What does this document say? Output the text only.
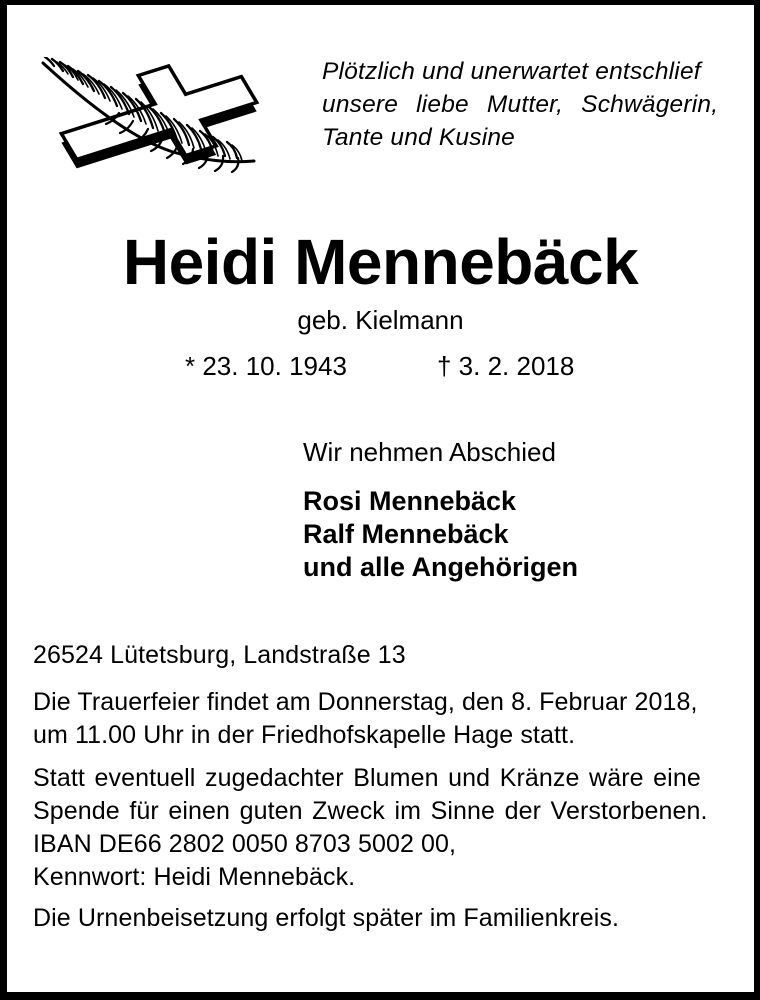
Plötzlich und unerwartet entschlief
unsere liebe Mutter, Schwägerin,
Tante und Kusine
Heidi Mennebäck
geb. Kielmann
* 23. 10. 1943	† 3. 2. 2018
Wir nehmen Abschied
Rosi Mennebäck
Ralf Mennebäck
und alle Angehörigen
26524 Lütetsburg, Landstraße 13
Die Trauerfeier findet am Donnerstag, den 8. Februar 2018,
um 11.00 Uhr in der Friedhofskapelle Hage statt.
Statt eventuell zugedachter Blumen und Kränze wäre eine
Spende für einen guten Zweck im Sinne der Verstorbenen.
IBAN DE66 2802 0050 8703 5002 00,
Kennwort: Heidi Mennebäck.
Die Urnenbeisetzung erfolgt später im Familienkreis.
